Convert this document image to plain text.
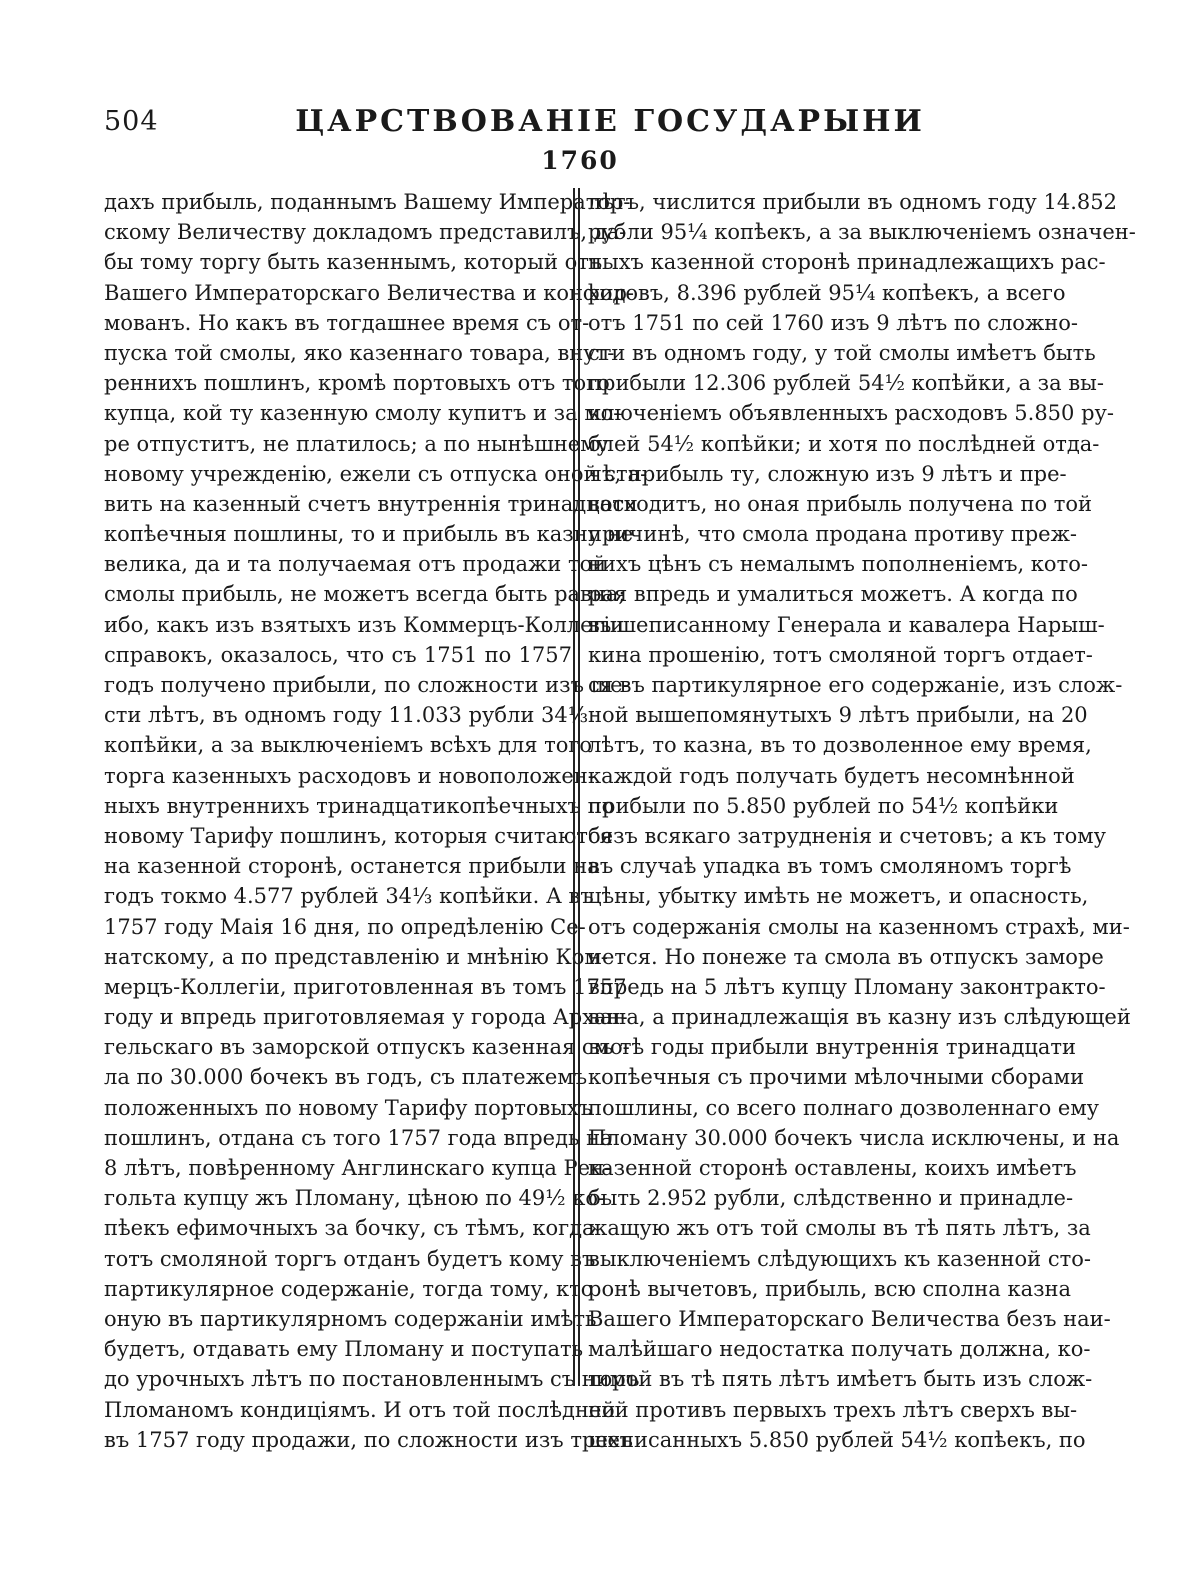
504	ЦАРСТВОВАНІЕ ГОСУДАРЫНИ
1760
дахъ прибыль, поданнымъ Вашему Император-
скому Величеству докладомъ представилъ, да-
бы тому торгу быть казеннымъ, который отъ
Вашего Императорскаго Величества и конфир-
мованъ. Но какъ въ тогдашнее время съ от-
пуска той смолы, яко казеннаго товара, внут-
реннихъ пошлинъ, кромѣ портовыхъ отъ того
купца, кой ту казенную смолу купитъ и за мо-
ре отпуститъ, не платилось; а по нынѣшнему
новому учрежденію, ежели съ отпуска оной ста-
вить на казенный счетъ внутреннія тринадцати
копѣечныя пошлины, то и прибыль въ казну не
велика, да и та получаемая отъ продажи той
смолы прибыль, не можетъ всегда быть равна;
ибо, какъ изъ взятыхъ изъ Коммерцъ-Коллегіи
справокъ, оказалось, что съ 1751 по 1757
годъ получено прибыли, по сложности изъ ше-
сти лѣтъ, въ одномъ году 11.033 рубли 34⅓
копѣйки, а за выключеніемъ всѣхъ для того
торга казенныхъ расходовъ и новоположен-
ныхъ внутреннихъ тринадцатикопѣечныхъ по
новому Тарифу пошлинъ, которыя считаются
на казенной сторонѣ, останется прибыли на
годъ токмо 4.577 рублей 34⅓ копѣйки. А въ
1757 году Маія 16 дня, по опредѣленію Се-
натскому, а по представленію и мнѣнію Ком-
мерцъ-Коллегіи, приготовленная въ томъ 1757
году и впредь приготовляемая у города Архан-
гельскаго въ заморской отпускъ казенная смо-
ла по 30.000 бочекъ въ годъ, съ платежемъ
положенныхъ по новому Тарифу портовыхъ
пошлинъ, отдана съ того 1757 года впредь на
8 лѣтъ, повѣренному Англинскаго купца Рен-
гольта купцу жъ Пломану, цѣною по 49½ ко-
пѣекъ ефимочныхъ за бочку, съ тѣмъ, когда
тотъ смоляной торгъ отданъ будетъ кому въ
партикулярное содержаніе, тогда тому, кто
оную въ партикулярномъ содержаніи имѣть
будетъ, отдавать ему Пломану и поступать
до урочныхъ лѣтъ по постановленнымъ съ нимъ
Пломаномъ кондиціямъ. И отъ той послѣдней
въ 1757 году продажи, по сложности изъ трехъ
лѣтъ, числится прибыли въ одномъ году 14.852
рубли 95¼ копѣекъ, а за выключеніемъ означен-
ныхъ казенной сторонѣ принадлежащихъ рас-
ходовъ, 8.396 рублей 95¼ копѣекъ, а всего
отъ 1751 по сей 1760 изъ 9 лѣтъ по сложно-
сти въ одномъ году, у той смолы имѣетъ быть
прибыли 12.306 рублей 54½ копѣйки, а за вы-
ключеніемъ объявленныхъ расходовъ 5.850 ру-
блей 54½ копѣйки; и хотя по послѣдней отда-
чѣ, прибыль ту, сложную изъ 9 лѣтъ и пре-
восходитъ, но оная прибыль получена по той
причинѣ, что смола продана противу преж-
нихъ цѣнъ съ немалымъ пополненіемъ, кото-
рая впредь и умалиться можетъ. А когда по
вышеписанному Генерала и кавалера Нарыш-
кина прошенію, тотъ смоляной торгъ отдает-
ся въ партикулярное его содержаніе, изъ слож-
ной вышепомянутыхъ 9 лѣтъ прибыли, на 20
лѣтъ, то казна, въ то дозволенное ему время,
каждой годъ получать будетъ несомнѣнной
прибыли по 5.850 рублей по 54½ копѣйки
безъ всякаго затрудненія и счетовъ; а къ тому
въ случаѣ упадка въ томъ смоляномъ торгѣ
цѣны, убытку имѣть не можетъ, и опасность,
отъ содержанія смолы на казенномъ страхѣ, ми-
нется. Но понеже та смола въ отпускъ заморе
впредь на 5 лѣтъ купцу Пломану законтракто-
вана, а принадлежащія въ казну изъ слѣдующей
въ тѣ годы прибыли внутреннія тринадцати
копѣечныя съ прочими мѣлочными сборами
пошлины, со всего полнаго дозволеннаго ему
Пломану 30.000 бочекъ числа исключены, и на
казенной сторонѣ оставлены, коихъ имѣетъ
быть 2.952 рубли, слѣдственно и принадле-
жащую жъ отъ той смолы въ тѣ пять лѣтъ, за
выключеніемъ слѣдующихъ къ казенной сто-
ронѣ вычетовъ, прибыль, всю сполна казна
Вашего Императорскаго Величества безъ наи-
малѣйшаго недостатка получать должна, ко-
торой въ тѣ пять лѣтъ имѣетъ быть изъ слож-
ной противъ первыхъ трехъ лѣтъ сверхъ вы-
шеписанныхъ 5.850 рублей 54½ копѣекъ, по
